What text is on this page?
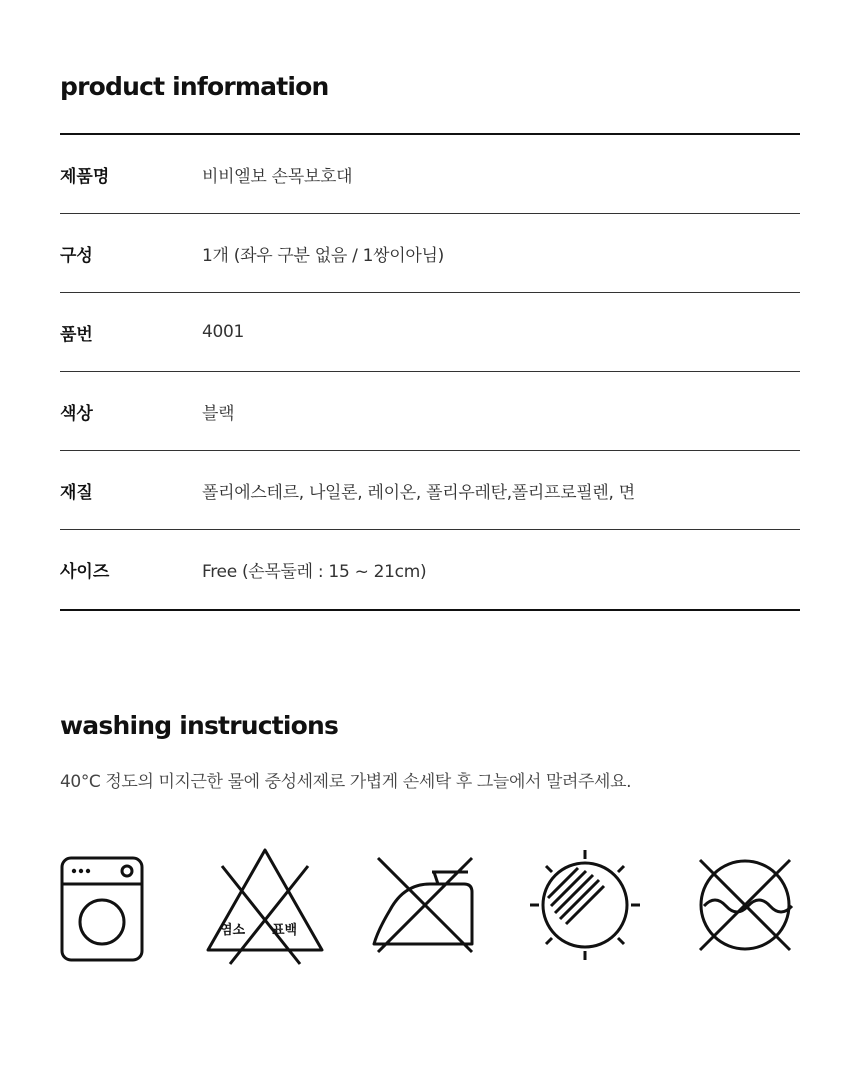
product information
제품명	비비엘보 손목보호대
구성	1개 (좌우 구분 없음 / 1쌍이아님)
품번	4001
색상	블랙
재질	폴리에스테르, 나일론, 레이온, 폴리우레탄,폴리프로필렌, 면
사이즈	Free (손목둘레 : 15 ~ 21cm)
washing instructions

40°C 정도의 미지근한 물에 중성세제로 가볍게 손세탁 후 그늘에서 말려주세요.

염소 표백
